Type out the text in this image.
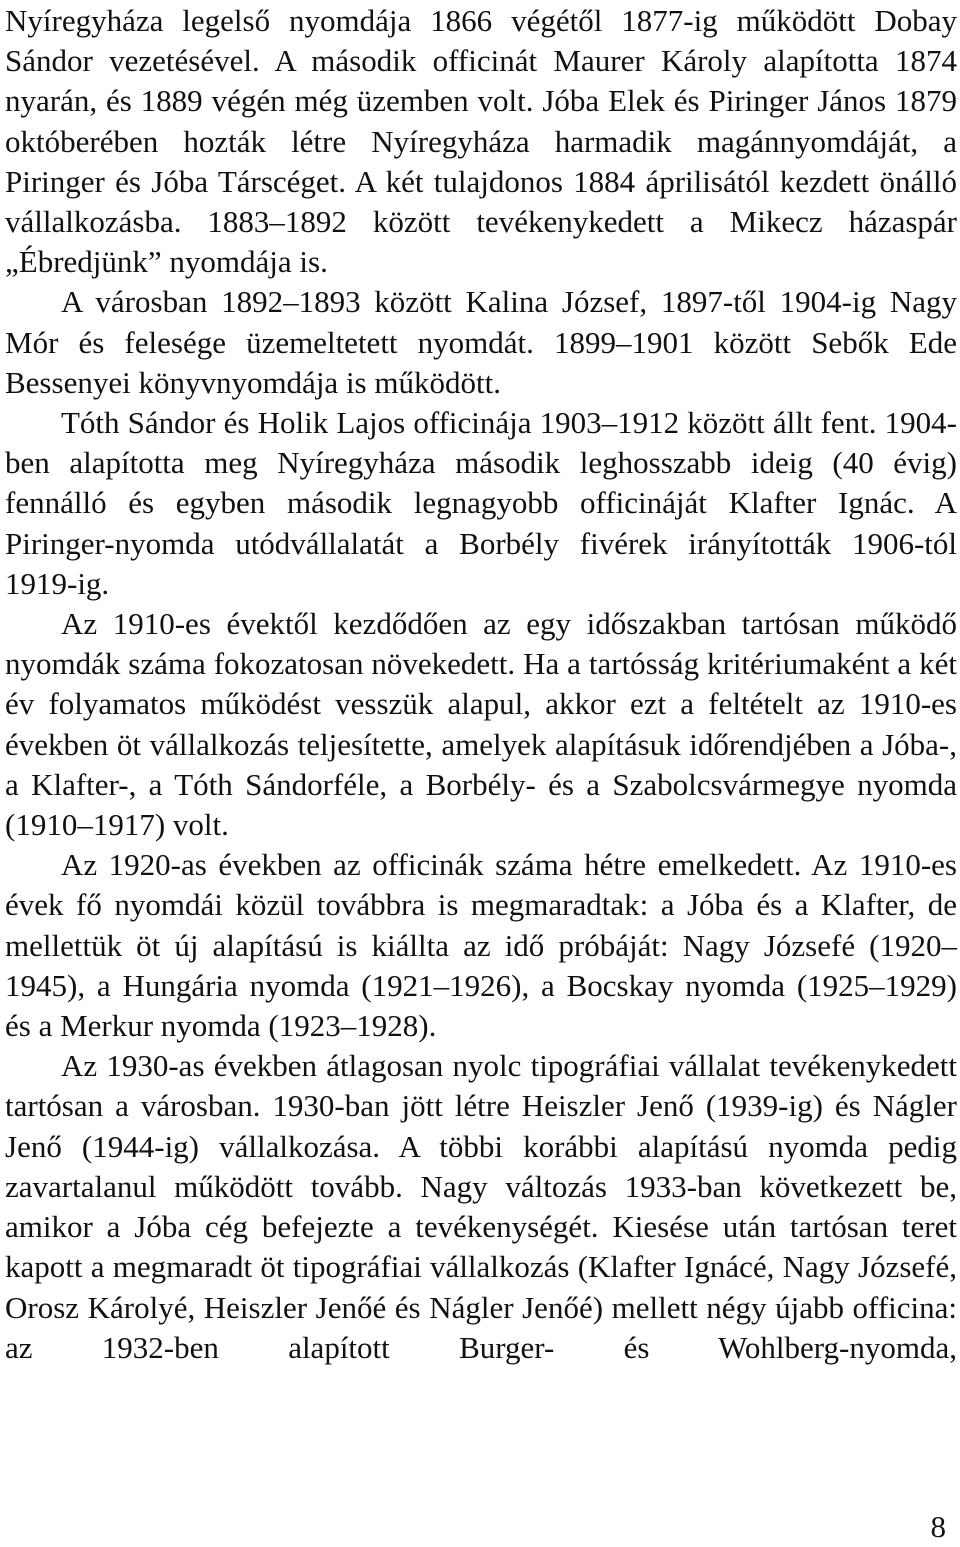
Nyíregyháza legelső nyomdája 1866 végétől 1877-ig működött Dobay Sándor vezetésével. A második officinát Maurer Károly alapította 1874 nyarán, és 1889 végén még üzemben volt. Jóba Elek és Piringer János 1879 októberében hozták létre Nyíregyháza harmadik magánnyomdáját, a Piringer és Jóba Társcéget. A két tulajdonos 1884 áprilisától kezdett önálló vállalkozásba. 1883–1892 között tevékenykedett a Mikecz házaspár „Ébredjünk” nyomdája is.

A városban 1892–1893 között Kalina József, 1897-től 1904-ig Nagy Mór és felesége üzemeltetett nyomdát. 1899–1901 között Sebők Ede Bessenyei könyvnyomdája is működött.

Tóth Sándor és Holik Lajos officinája 1903–1912 között állt fent. 1904-ben alapította meg Nyíregyháza második leghosszabb ideig (40 évig) fennálló és egyben második legnagyobb officináját Klafter Ignác. A Piringer-nyomda utódvállalatát a Borbély fivérek irányították 1906-tól 1919-ig.

Az 1910-es évektől kezdődően az egy időszakban tartósan működő nyomdák száma fokozatosan növekedett. Ha a tartósság kritériumaként a két év folyamatos működést vesszük alapul, akkor ezt a feltételt az 1910-es években öt vállalkozás teljesítette, amelyek alapításuk időrendjében a Jóba-, a Klafter-, a Tóth Sándorféle, a Borbély- és a Szabolcsvármegye nyomda (1910–1917) volt.

Az 1920-as években az officinák száma hétre emelkedett. Az 1910-es évek fő nyomdái közül továbbra is megmaradtak: a Jóba és a Klafter, de mellettük öt új alapítású is kiállta az idő próbáját: Nagy Józsefé (1920–1945), a Hungária nyomda (1921–1926), a Bocskay nyomda (1925–1929) és a Merkur nyomda (1923–1928).

Az 1930-as években átlagosan nyolc tipográfiai vállalat tevékenykedett tartósan a városban. 1930-ban jött létre Heiszler Jenő (1939-ig) és Nágler Jenő (1944-ig) vállalkozása. A többi korábbi alapítású nyomda pedig zavartalanul működött tovább. Nagy változás 1933-ban következett be, amikor a Jóba cég befejezte a tevékenységét. Kiesése után tartósan teret kapott a megmaradt öt tipográfiai vállalkozás (Klafter Ignácé, Nagy Józsefé, Orosz Károlyé, Heiszler Jenőé és Nágler Jenőé) mellett négy újabb officina: az 1932-ben alapított Burger- és Wohlberg-nyomda,

8
